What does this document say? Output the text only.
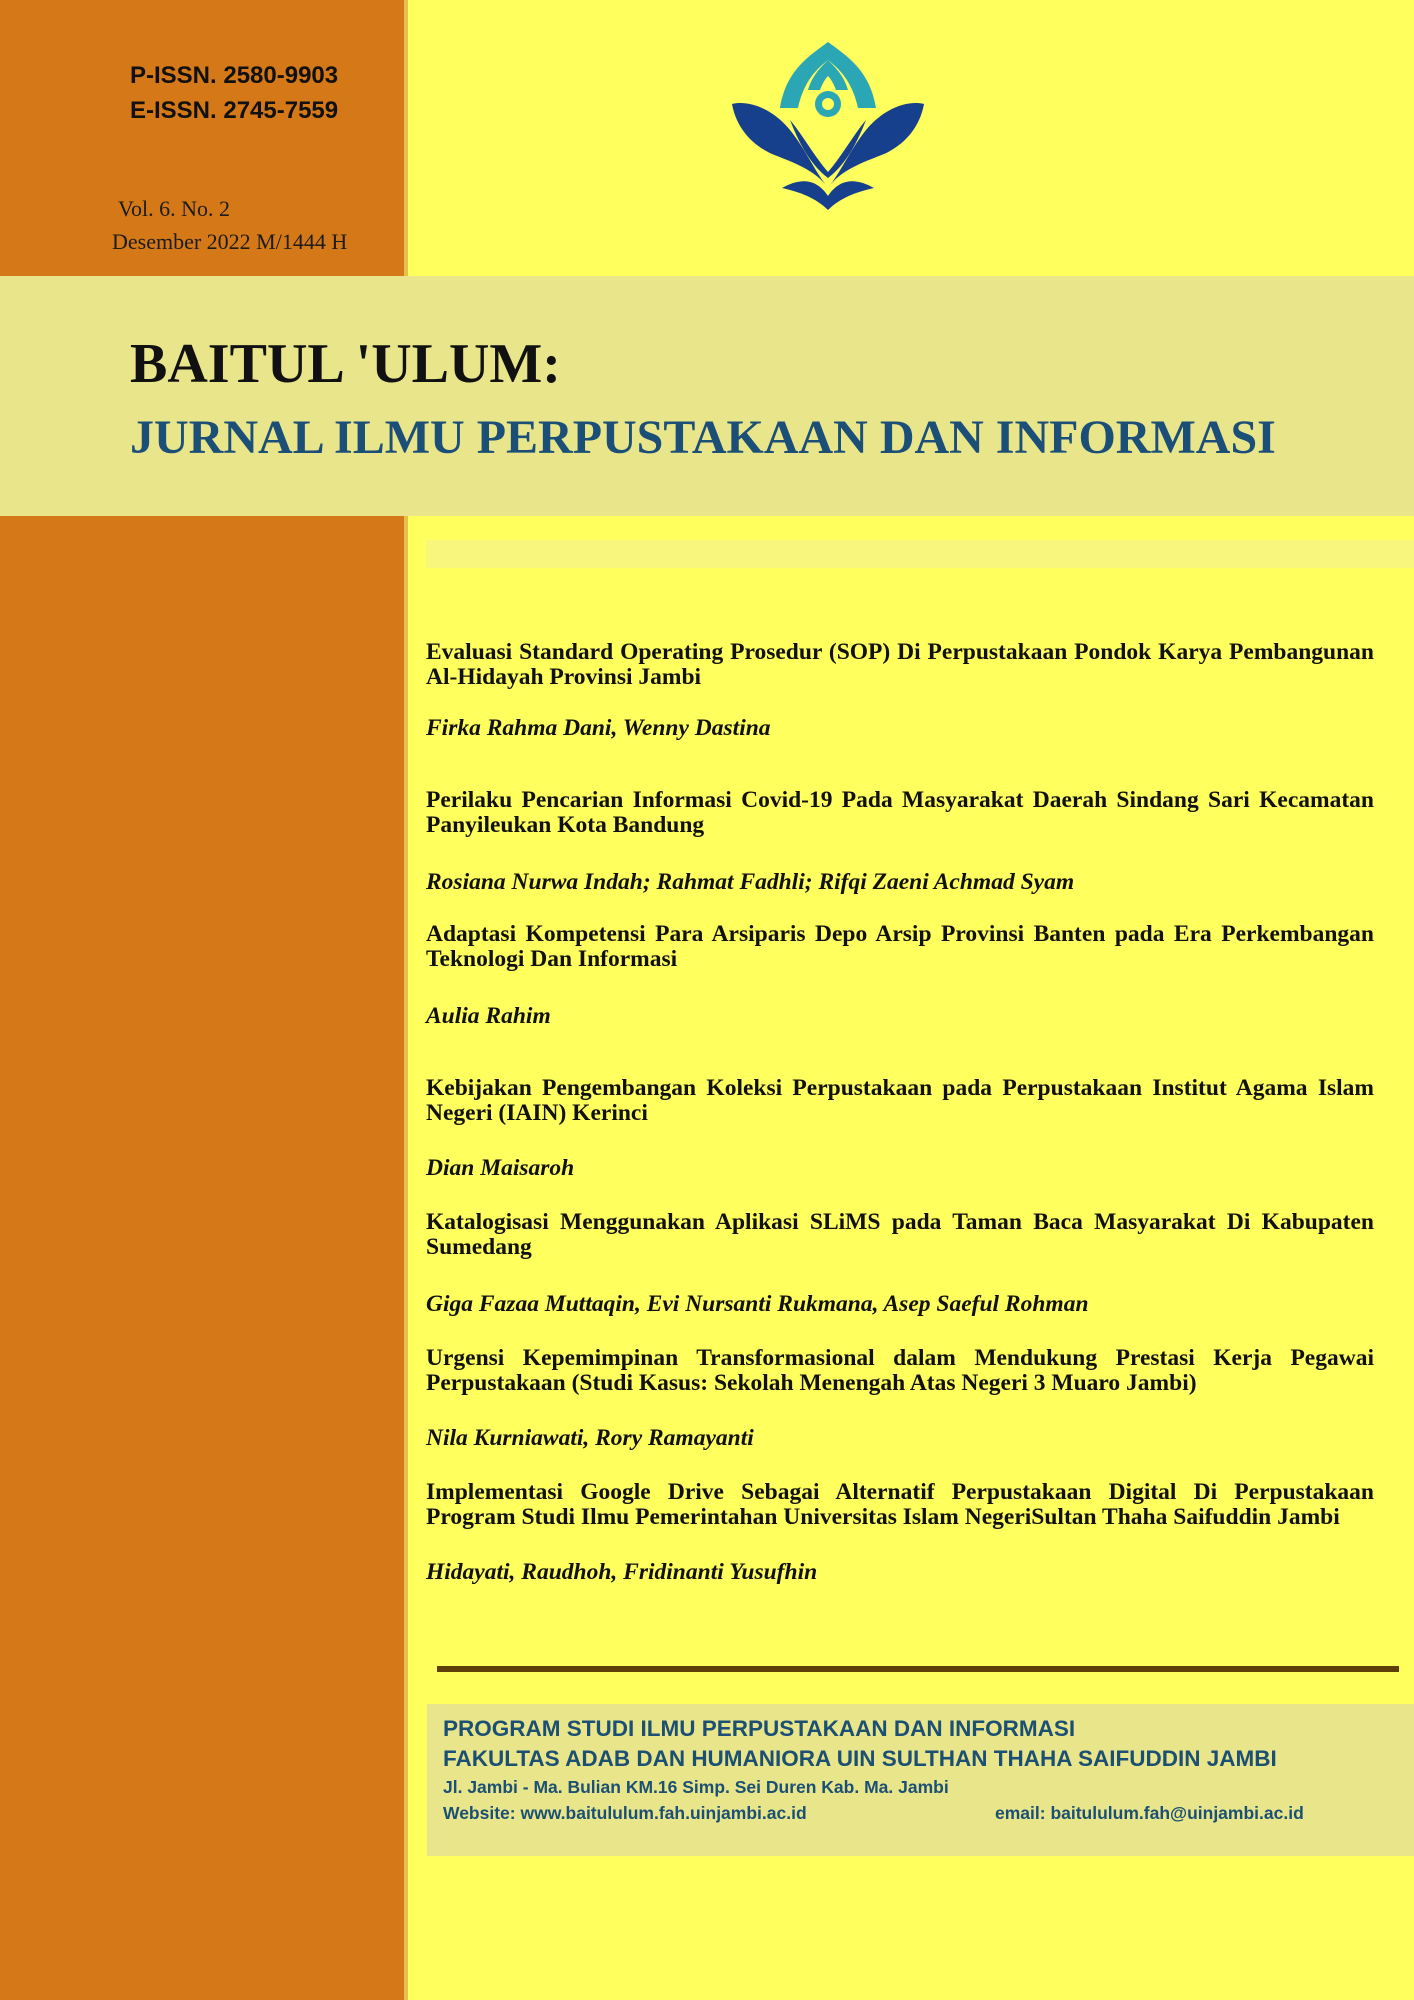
P-ISSN. 2580-9903
E-ISSN. 2745-7559
Vol. 6. No. 2
Desember 2022 M/1444 H
BAITUL 'ULUM:
JURNAL ILMU PERPUSTAKAAN DAN INFORMASI

Evaluasi Standard Operating Prosedur (SOP) Di Perpustakaan Pondok Karya Pembangunan Al-Hidayah Provinsi Jambi

Firka Rahma Dani, Wenny Dastina

Perilaku Pencarian Informasi Covid-19 Pada Masyarakat Daerah Sindang Sari Kecamatan Panyileukan Kota Bandung

Rosiana Nurwa Indah; Rahmat Fadhli; Rifqi Zaeni Achmad Syam

Adaptasi Kompetensi Para Arsiparis Depo Arsip Provinsi Banten pada Era Perkembangan Teknologi Dan Informasi

Aulia Rahim

Kebijakan Pengembangan Koleksi Perpustakaan pada Perpustakaan Institut Agama Islam Negeri (IAIN) Kerinci

Dian Maisaroh

Katalogisasi Menggunakan Aplikasi SLiMS pada Taman Baca Masyarakat Di Kabupaten Sumedang

Giga Fazaa Muttaqin, Evi Nursanti Rukmana, Asep Saeful Rohman

Urgensi Kepemimpinan Transformasional dalam Mendukung Prestasi Kerja Pegawai Perpustakaan (Studi Kasus: Sekolah Menengah Atas Negeri 3 Muaro Jambi)

Nila Kurniawati, Rory Ramayanti

Implementasi Google Drive Sebagai Alternatif Perpustakaan Digital Di Perpustakaan Program Studi Ilmu Pemerintahan Universitas Islam NegeriSultan Thaha Saifuddin Jambi

Hidayati, Raudhoh, Fridinanti Yusufhin

PROGRAM STUDI ILMU PERPUSTAKAAN DAN INFORMASI
FAKULTAS ADAB DAN HUMANIORA UIN SULTHAN THAHA SAIFUDDIN JAMBI
Jl. Jambi - Ma. Bulian KM.16 Simp. Sei Duren Kab. Ma. Jambi
Website: www.baitululum.fah.uinjambi.ac.id	email: baitululum.fah@uinjambi.ac.id
